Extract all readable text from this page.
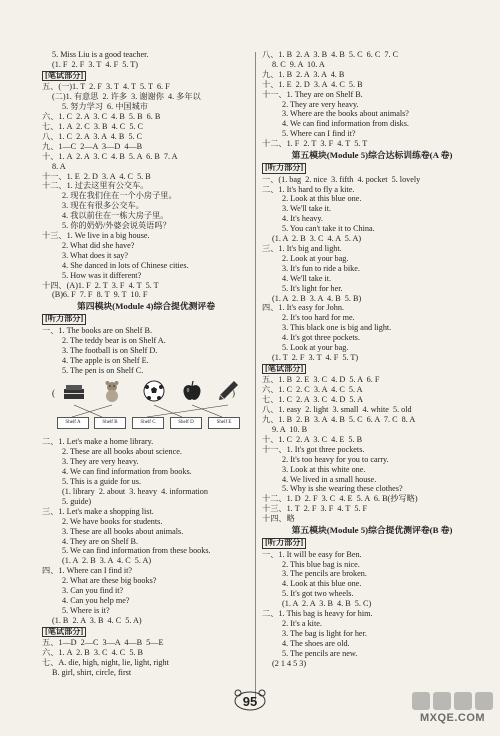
5. Miss Liu is a good teacher.
(1. F  2. F  3. T  4. F  5. T)
[笔试部分]
五、(一)1. T  2. F  3. T  4. T  5. T  6. F
(二)1. 有意思  2. 许多  3. 谢谢你  4. 多年以
5. 努力学习  6. 中国城市
六、1. C  2. A  3. C  4. B  5. B  6. B
七、1. A  2. C  3. B  4. C  5. C
八、1. C  2. A  3. A  4. B  5. C
九、1—C  2—A  3—D  4—B
十、1. A  2. A  3. C  4. B  5. A  6. B  7. A
8. A
十一、1. E  2. D  3. A  4. C  5. B
十二、1. 过去这里有公交车。
2. 现在我们住在一个小房子里。
3. 现在有很多公交车。
4. 我以前住在一栋大房子里。
5. 你的奶奶/外婆会说英语吗？
十三、1. We live in a big house.
2. What did she have?
3. What does it say?
4. She danced in lots of Chinese cities.
5. How was it different?
十四、(A)1. F  2. T  3. F  4. T  5. T
(B)6. F  7. F  8. T  9. T  10. F
第四模块(Module 4)综合提优测评卷
[听力部分]
一、1. The books are on Shelf B.
2. The teddy bear is on Shelf A.
3. The football is on Shelf D.
4. The apple is on Shelf E.
5. The pen is on Shelf C.
(	)
Shelf A	Shelf B	Shelf C	Shelf D	Shelf E
二、1. Let's make a home library.
2. These are all books about science.
3. They are very heavy.
4. We can find information from books.
5. This is a guide for us.
(1. library  2. about  3. heavy  4. information
5. guide)
三、1. Let's make a shopping list.
2. We have books for students.
3. These are all books about animals.
4. They are on Shelf B.
5. We can find information from these books.
(1. A  2. B  3. A  4. C  5. A)
四、1. Where can I find it?
2. What are these big books?
3. Can you find it?
4. Can you help me?
5. Where is it?
(1. B  2. A  3. B  4. C  5. A)
[笔试部分]
五、1—D  2—C  3—A  4—B  5—E
六、1. A  2. B  3. C  4. C  5. B
七、A. die, high, night, lie, light, right
B. girl, shirt, circle, first
八、1. B  2. A  3. B  4. B  5. C  6. C  7. C
8. C  9. A  10. A
九、1. B  2. A  3. A  4. B
十、1. E  2. D  3. A  4. C  5. B
十一、1. They are on Shelf B.
2. They are very heavy.
3. Where are the books about animals?
4. We can find information from disks.
5. Where can I find it?
十二、1. F  2. T  3. F  4. T  5. T
第五模块(Module 5)综合达标训练卷(A 卷)
[听力部分]
一、(1. bag  2. nice  3. fifth  4. pocket  5. lovely
二、1. It's hard to fly a kite.
2. Look at this blue one.
3. We'll take it.
4. It's heavy.
5. You can't take it to China.
(1. A  2. B  3. C  4. A  5. A)
三、1. It's big and light.
2. Look at your bag.
3. It's fun to ride a bike.
4. We'll take it.
5. It's light for her.
(1. A  2. B  3. A  4. B  5. B)
四、1. It's easy for John.
2. It's too hard for me.
3. This black one is big and light.
4. It's got three pockets.
5. Look at your bag.
(1. T  2. F  3. T  4. F  5. T)
[笔试部分]
五、1. B  2. E  3. C  4. D  5. A  6. F
六、1. C  2. C  3. A  4. C  5. A
七、1. C  2. A  3. C  4. D  5. A
八、1. easy  2. light  3. small  4. white  5. old
九、1. B  2. B  3. A  4. B  5. C  6. A  7. C  8. A
9. A  10. B
十、1. C  2. A  3. C  4. E  5. B
十一、1. It's got three pockets.
2. It's too heavy for you to carry.
3. Look at this white one.
4. We lived in a small house.
5. Why is she wearing these clothes?
十二、1. D  2. F  3. C  4. E  5. A  6. B(抄写略)
十三、1. T  2. F  3. F  4. T  5. F
十四、略
第五模块(Module 5)综合提优测评卷(B 卷)
[听力部分]
一、1. It will be easy for Ben.
2. This blue bag is nice.
3. The pencils are broken.
4. Look at this blue one.
5. It's got two wheels.
(1. A  2. A  3. B  4. B  5. C)
二、1. This bag is heavy for him.
2. It's a kite.
3. The bag is light for her.
4. The shoes are old.
5. The pencils are new.
(2 1 4 5 3)
$_{95}$
MXQE.COM
